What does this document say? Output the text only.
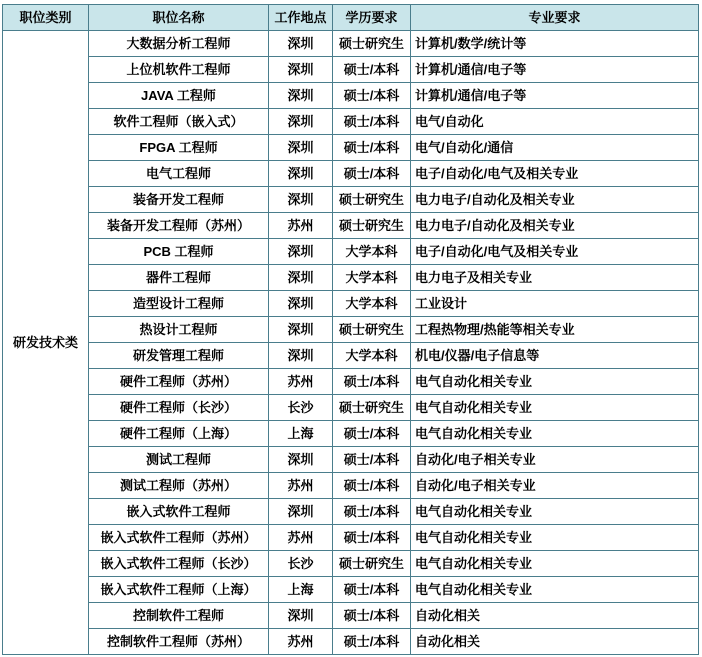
职位类别	职位名称	工作地点	学历要求	专业要求
研发技术类	大数据分析工程师	深圳	硕士研究生	计算机/数学/统计等
	上位机软件工程师	深圳	硕士/本科	计算机/通信/电子等
	JAVA 工程师	深圳	硕士/本科	计算机/通信/电子等
	软件工程师（嵌入式）	深圳	硕士/本科	电气/自动化
	FPGA 工程师	深圳	硕士/本科	电气/自动化/通信
	电气工程师	深圳	硕士/本科	电子/自动化/电气及相关专业
	装备开发工程师	深圳	硕士研究生	电力电子/自动化及相关专业
	装备开发工程师（苏州）	苏州	硕士研究生	电力电子/自动化及相关专业
	PCB 工程师	深圳	大学本科	电子/自动化/电气及相关专业
	器件工程师	深圳	大学本科	电力电子及相关专业
	造型设计工程师	深圳	大学本科	工业设计
	热设计工程师	深圳	硕士研究生	工程热物理/热能等相关专业
	研发管理工程师	深圳	大学本科	机电/仪器/电子信息等
	硬件工程师（苏州）	苏州	硕士/本科	电气自动化相关专业
	硬件工程师（长沙）	长沙	硕士研究生	电气自动化相关专业
	硬件工程师（上海）	上海	硕士/本科	电气自动化相关专业
	测试工程师	深圳	硕士/本科	自动化/电子相关专业
	测试工程师（苏州）	苏州	硕士/本科	自动化/电子相关专业
	嵌入式软件工程师	深圳	硕士/本科	电气自动化相关专业
	嵌入式软件工程师（苏州）	苏州	硕士/本科	电气自动化相关专业
	嵌入式软件工程师（长沙）	长沙	硕士研究生	电气自动化相关专业
	嵌入式软件工程师（上海）	上海	硕士/本科	电气自动化相关专业
	控制软件工程师	深圳	硕士/本科	自动化相关
	控制软件工程师（苏州）	苏州	硕士/本科	自动化相关
